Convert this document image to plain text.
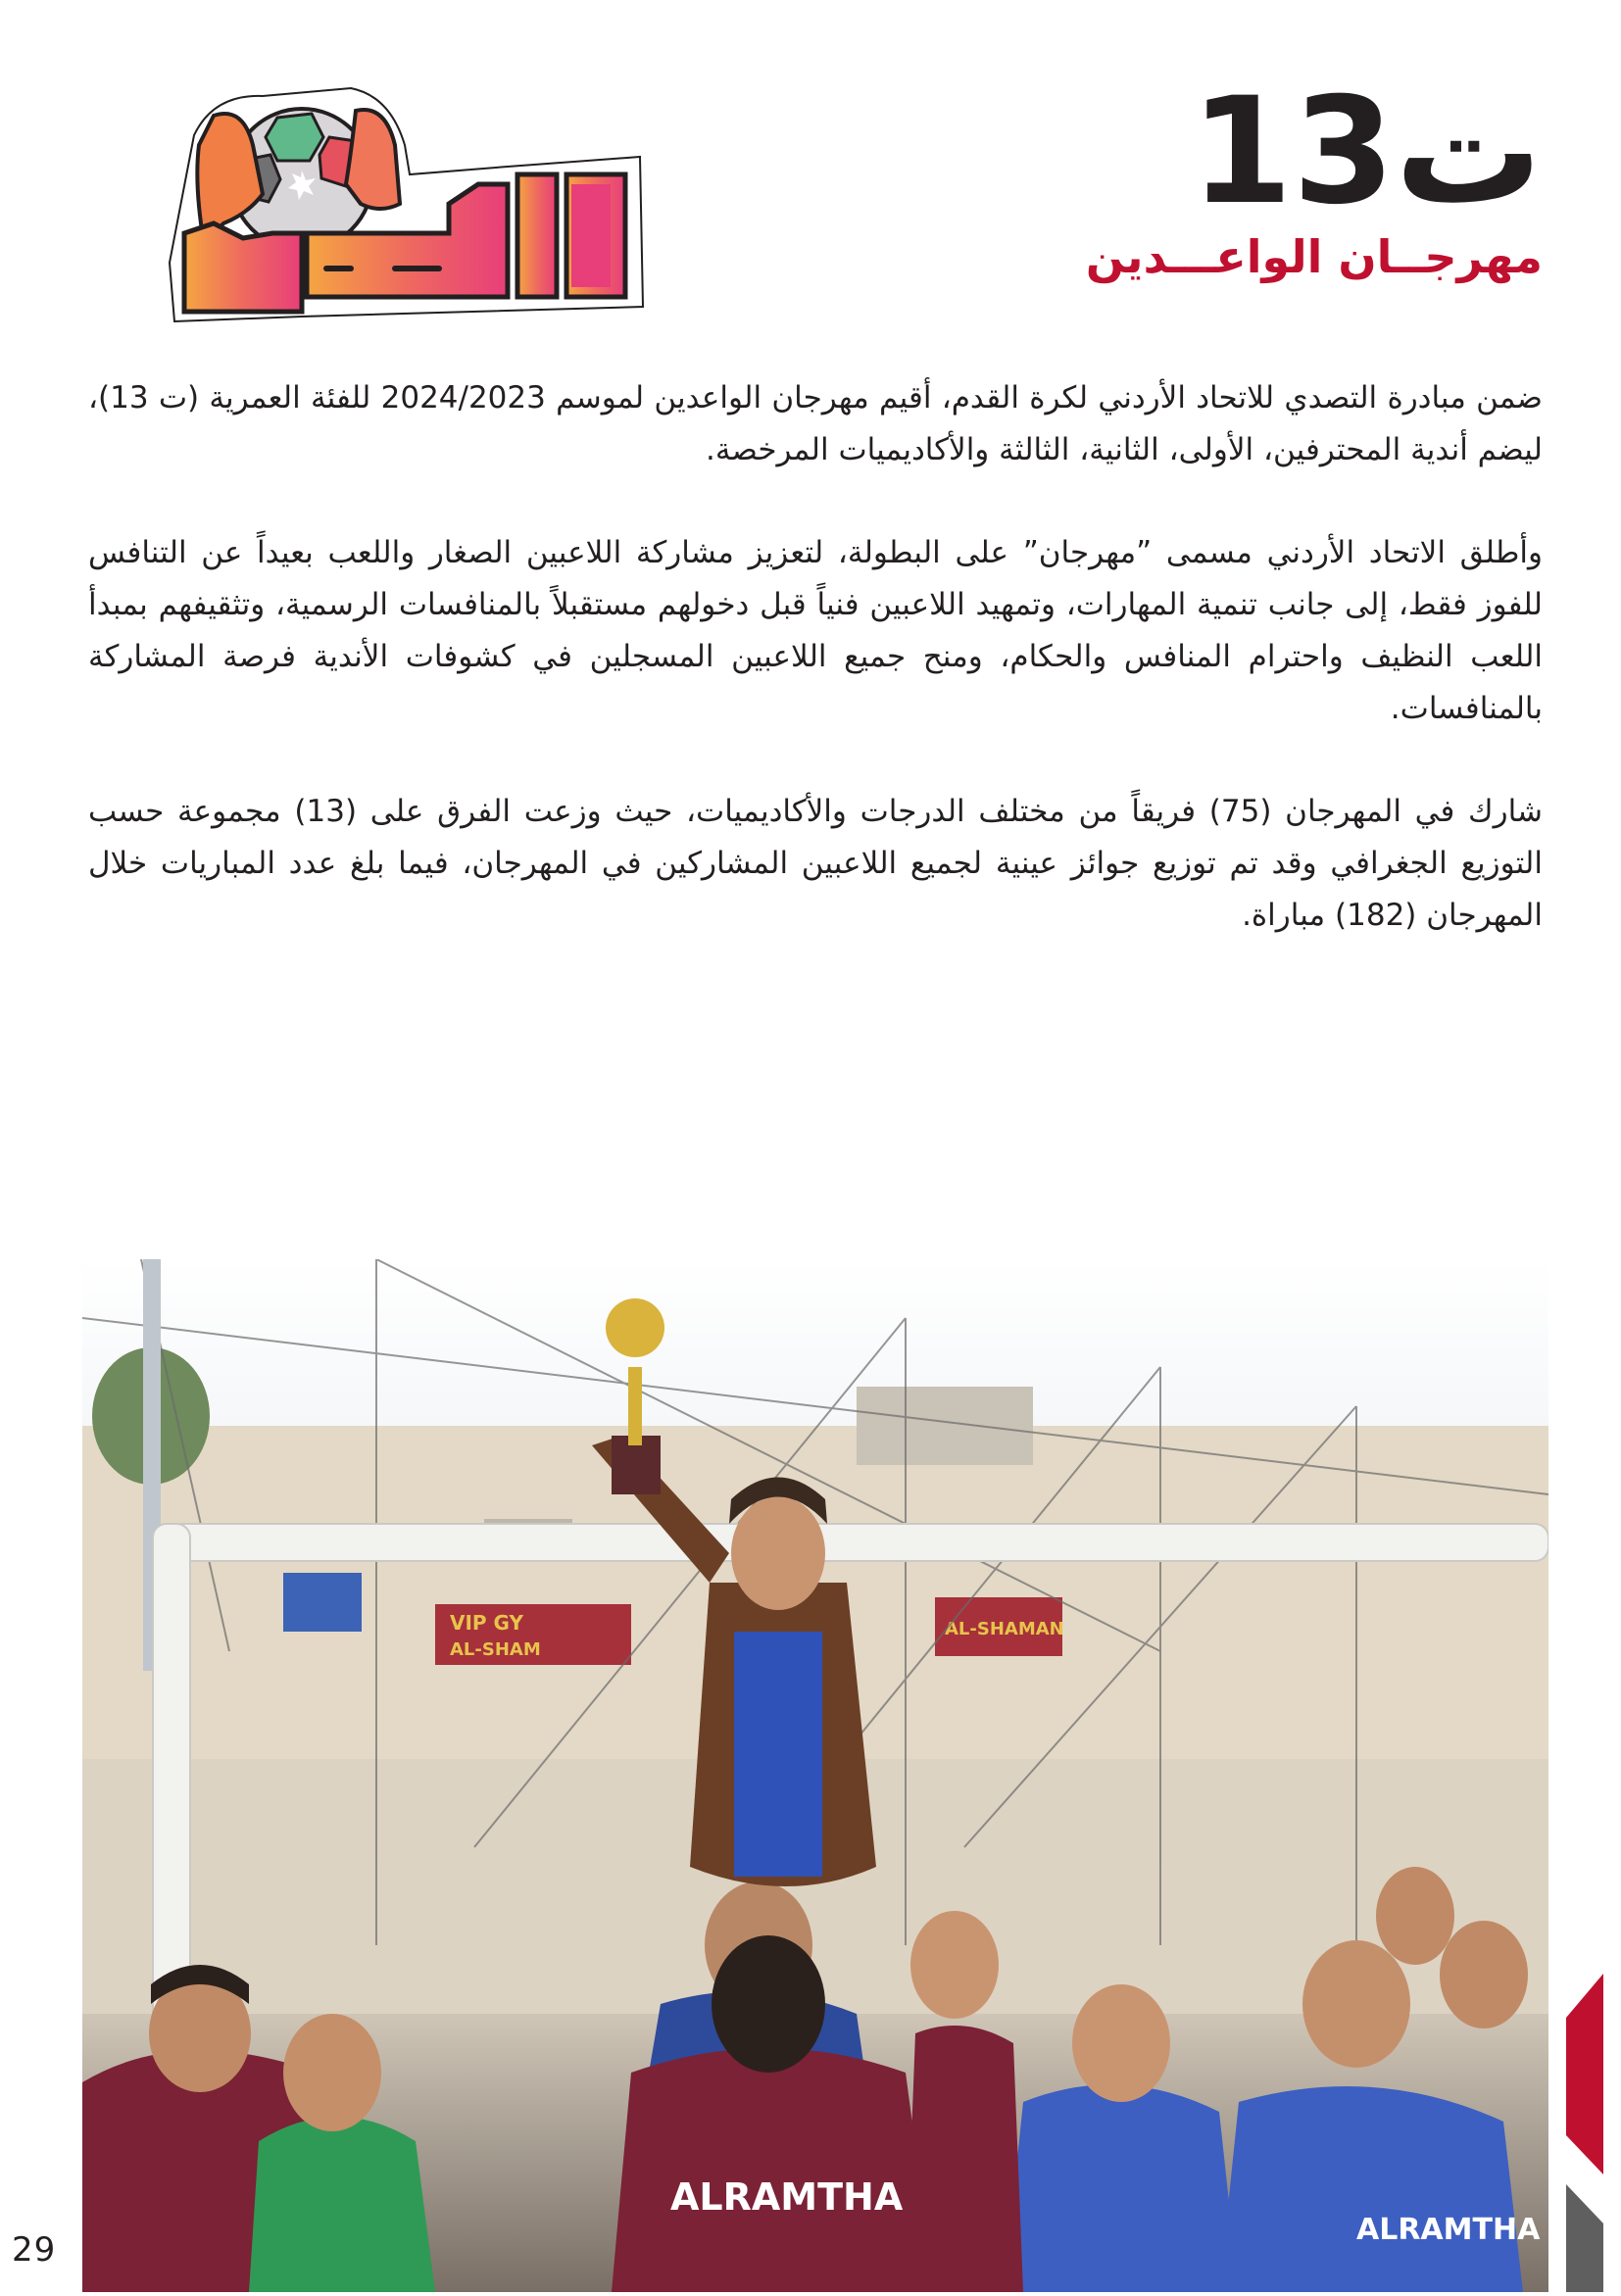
ت13
مهرجــان الواعـــدين

ضمن مبادرة التصدي للاتحاد الأردني لكرة القدم، أقيم مهرجان الواعدين لموسم 2024/2023 للفئة العمرية (ت 13)، ليضم أندية المحترفين، الأولى، الثانية، الثالثة والأكاديميات المرخصة.

وأطلق الاتحاد الأردني مسمى ”مهرجان” على البطولة، لتعزيز مشاركة اللاعبين الصغار واللعب بعيداً عن التنافس للفوز فقط، إلى جانب تنمية المهارات، وتمهيد اللاعبين فنياً قبل دخولهم مستقبلاً بالمنافسات الرسمية، وتثقيفهم بمبدأ اللعب النظيف واحترام المنافس والحكام، ومنح جميع اللاعبين المسجلين في كشوفات الأندية فرصة المشاركة بالمنافسات.

شارك في المهرجان (75) فريقاً من مختلف الدرجات والأكاديميات، حيث وزعت الفرق على (13) مجموعة حسب التوزيع الجغرافي وقد تم توزيع جوائز عينية لجميع اللاعبين المشاركين في المهرجان، فيما بلغ عدد المباريات خلال المهرجان (182) مباراة.

VIP GY
AL-SHAM
AL-SHAMAN
ALRAMTHA
ALRAMTHA
29
